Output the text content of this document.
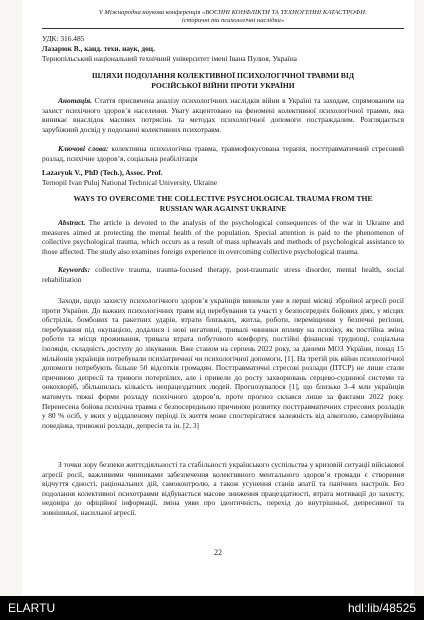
V Міжнародна наукова конференція «ВОЄННІ КОНФЛІКТИ ТА ТЕХНОГЕННІ КАТАСТРОФИ:
історичні та психологічні наслідки»

УДК: 316.485

Лазарюк В., канд. техн. наук, доц.

Тернопільський національний технічний університет імені Івана Пулюя, Україна

ШЛЯХИ ПОДОЛАННЯ КОЛЕКТИВНОЇ ПСИХОЛОГІЧНОЇ ТРАВМИ ВІД
РОСІЙСЬКОЇ ВІЙНИ ПРОТИ УКРАЇНИ

Анотація. Стаття присвячена аналізу психологічних наслідків війни в Україні та заходам, спрямованим на захист психічного здоров’я населення. Увагу акцентовано на феномені колективної психологічної травми, яка виникає внаслідок масових потрясінь та методах психологічної допомоги постраждалим. Розглядається зарубіжний досвід у подоланні колективних психотравм.

Ключові слова: колективна психологічна травма, травмофокусована терапія, посттравматичний стресовий розлад, психічне здоров’я, соціальна реабілітація

Lazaryuk V., PhD (Tech.), Assoc. Prof.

Ternopil Ivan Puluj National Technical University, Ukraine

WAYS TO OVERCOME THE COLLECTIVE PSYCHOLOGICAL TRAUMA FROM THE
RUSSIAN WAR AGAINST UKRAINE

Abstract. The article is devoted to the analysis of the psychological consequences of the war in Ukraine and measures aimed at protecting the mental health of the population. Special attention is paid to the phenomenon of collective psychological trauma, which occurs as a result of mass upheavals and methods of psychological assistance to those affected. The study also examines foreign experience in overcoming collective psychological trauma.

Keywords: collective trauma, trauma-focused therapy, post-traumatic stress disorder, mental health, social rehabilitation

Заходи, щодо захисту психологічного здоров’я українців виникли уже в перші місяці збройної агресії росії проти України. До важких психологічних травм від перебування та участі у безпосередніх бойових діях, у місцях обстрілів, бомбових та ракетних ударів, втрати близьких, житла, роботи, переміщення у безпечні регіони, перебування під окупацією, додалися і нові негативні, тривалі чинники впливу на психіку, як постійна зміна роботи та місця проживання, тривала втрата побутового комфорту, постійні фінансові труднощі, соціальна ізоляція, складність доступу до лікування. Вже станом на серпень 2022 року, за даними МОЗ України, понад 15 мільйонів українців потребували психіатричної чи психологічної допомоги, [1]. На третій рік війни психологічної допомоги потребують більше 50 відсотків громадян. Посттравматичні стресові розлади (ПТСР) не лише стали причиною депресії та тривоги потерпілих, але і привели до росту захворювань серцево-судинної системи та онкохворіб, збільшилась кількість непрацездатних людей. Прогнозувалося [1], що близько 3–4 млн українців матимуть тяжкі форми розладу психічного здоров’я, проте прогноз склався лише за фактами 2022 року. Перенесена бойова психічна травма є безпосередньою причиною розвитку посттравматичних стресових розладів у 80 % осіб, у яких у віддаленому періоді їх життя може спостерігатися залежність від алкоголю, саморуйнівна поведінка, тривожні розлади, депресія та ін. [2, 3]

З точки зору безпеки життєдіяльності та стабільності українського суспільства у кризовій ситуації військової агресії росії, важливими чинниками забезпечення колективного ментального здоров’я громади є створення відчуття єдності, раціональних дій, самоконтролю, а також усунення станів апатії та панічних настроїв. Без подолання колективної психотравми відбувається масове зниження працездатності, втрата мотивації до захисту, недовіра до офіційної інформації, зміна уяви про ідентичність, перехід до внутрішньої, депресивної та зовнішньої, насильної агресії.

22
ELARTU	hdl:lib/48525
